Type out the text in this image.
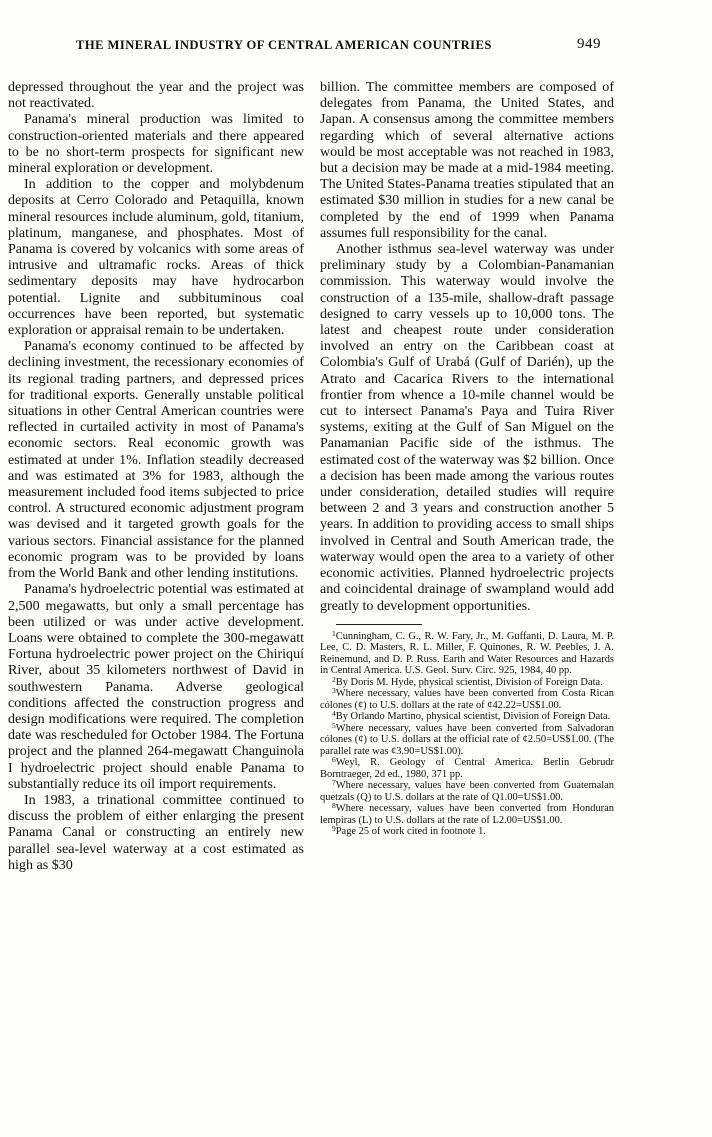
THE MINERAL INDUSTRY OF CENTRAL AMERICAN COUNTRIES	949

depressed throughout the year and the project was not reactivated.

Panama's mineral production was limited to construction-oriented materials and there appeared to be no short-term prospects for significant new mineral exploration or development.

In addition to the copper and molybdenum deposits at Cerro Colorado and Petaquilla, known mineral resources include aluminum, gold, titanium, platinum, manganese, and phosphates. Most of Panama is covered by volcanics with some areas of intrusive and ultramafic rocks. Areas of thick sedimentary deposits may have hydrocarbon potential. Lignite and subbituminous coal occurrences have been reported, but systematic exploration or appraisal remain to be undertaken.

Panama's economy continued to be affected by declining investment, the recessionary economies of its regional trading partners, and depressed prices for traditional exports. Generally unstable political situations in other Central American countries were reflected in curtailed activity in most of Panama's economic sectors. Real economic growth was estimated at under 1%. Inflation steadily decreased and was estimated at 3% for 1983, although the measurement included food items subjected to price control. A structured economic adjustment program was devised and it targeted growth goals for the various sectors. Financial assistance for the planned economic program was to be provided by loans from the World Bank and other lending institutions.

Panama's hydroelectric potential was estimated at 2,500 megawatts, but only a small percentage has been utilized or was under active development. Loans were obtained to complete the 300-megawatt Fortuna hydroelectric power project on the Chiriquí River, about 35 kilometers northwest of David in southwestern Panama. Adverse geological conditions affected the construction progress and design modifications were required. The completion date was rescheduled for October 1984. The Fortuna project and the planned 264-megawatt Changuinola I hydroelectric project should enable Panama to substantially reduce its oil import requirements.

In 1983, a trinational committee continued to discuss the problem of either enlarging the present Panama Canal or constructing an entirely new parallel sea-level waterway at a cost estimated as high as $30

billion. The committee members are composed of delegates from Panama, the United States, and Japan. A consensus among the committee members regarding which of several alternative actions would be most acceptable was not reached in 1983, but a decision may be made at a mid-1984 meeting. The United States-Panama treaties stipulated that an estimated $30 million in studies for a new canal be completed by the end of 1999 when Panama assumes full responsibility for the canal.

Another isthmus sea-level waterway was under preliminary study by a Colombian-Panamanian commission. This waterway would involve the construction of a 135-mile, shallow-draft passage designed to carry vessels up to 10,000 tons. The latest and cheapest route under consideration involved an entry on the Caribbean coast at Colombia's Gulf of Urabá (Gulf of Darién), up the Atrato and Cacarica Rivers to the international frontier from whence a 10-mile channel would be cut to intersect Panama's Paya and Tuira River systems, exiting at the Gulf of San Miguel on the Panamanian Pacific side of the isthmus. The estimated cost of the waterway was $2 billion. Once a decision has been made among the various routes under consideration, detailed studies will require between 2 and 3 years and construction another 5 years. In addition to providing access to small ships involved in Central and South American trade, the waterway would open the area to a variety of other economic activities. Planned hydroelectric projects and coincidental drainage of swampland would add greatly to development opportunities.

$^1$Cunningham, C. G., R. W. Fary, Jr., M. Guffanti, D. Laura, M. P. Lee, C. D. Masters, R. L. Miller, F. Quinones, R. W. Peebles, J. A. Reinemund, and D. P. Russ. Earth and Water Resources and Hazards in Central America. U.S. Geol. Surv. Circ. 925, 1984, 40 pp.

$^2$By Doris M. Hyde, physical scientist, Division of Foreign Data.

$^3$Where necessary, values have been converted from Costa Rican cólones (¢) to U.S. dollars at the rate of ¢42.22=US$1.00.

$^4$By Orlando Martino, physical scientist, Division of Foreign Data.

$^5$Where necessary, values have been converted from Salvadoran cólones (¢) to U.S. dollars at the official rate of ¢2.50=US$1.00. (The parallel rate was ¢3.90=US$1.00).

$^6$Weyl, R. Geology of Central America. Berlin Gebrudr Borntraeger, 2d ed., 1980, 371 pp.

$^7$Where necessary, values have been converted from Guatemalan quetzals (Q) to U.S. dollars at the rate of Q1.00=US$1.00.

$^8$Where necessary, values have been converted from Honduran lempiras (L) to U.S. dollars at the rate of L2.00=US$1.00.

$^9$Page 25 of work cited in footnote 1.
